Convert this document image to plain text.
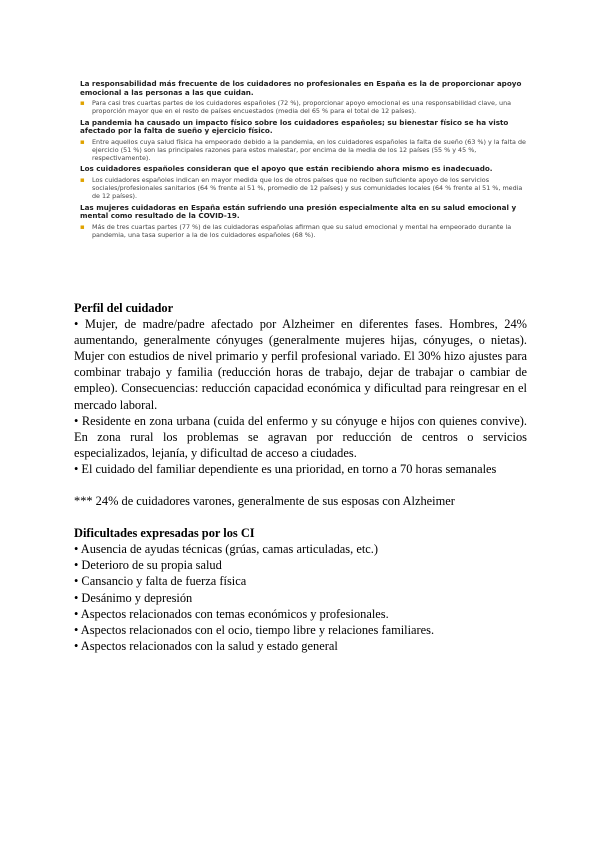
La responsabilidad más frecuente de los cuidadores no profesionales en España es la de proporcionar apoyo emocional a las personas a las que cuidan.
▪ Para casi tres cuartas partes de los cuidadores españoles (72 %), proporcionar apoyo emocional es una responsabilidad clave, una proporción mayor que en el resto de países encuestados (media del 65 % para el total de 12 países).
La pandemia ha causado un impacto físico sobre los cuidadores españoles; su bienestar físico se ha visto afectado por la falta de sueño y ejercicio físico.
▪ Entre aquellos cuya salud física ha empeorado debido a la pandemia, en los cuidadores españoles la falta de sueño (63 %) y la falta de ejercicio (51 %) son las principales razones para estos malestar, por encima de la media de los 12 países (55 % y 45 %, respectivamente).
Los cuidadores españoles consideran que el apoyo que están recibiendo ahora mismo es inadecuado.
▪ Los cuidadores españoles indican en mayor medida que los de otros países que no reciben suficiente apoyo de los servicios sociales/profesionales sanitarios (64 % frente al 51 %, promedio de 12 países) y sus comunidades locales (64 % frente al 51 %, media de 12 países).
Las mujeres cuidadoras en España están sufriendo una presión especialmente alta en su salud emocional y mental como resultado de la COVID-19.
▪ Más de tres cuartas partes (77 %) de las cuidadoras españolas afirman que su salud emocional y mental ha empeorado durante la pandemia, una tasa superior a la de los cuidadores españoles (68 %).

Perfil del cuidador

• Mujer, de madre/padre afectado por Alzheimer en diferentes fases. Hombres, 24% aumentando, generalmente cónyuges (generalmente mujeres hijas, cónyuges, o nietas). Mujer con estudios de nivel primario y perfil profesional variado. El 30% hizo ajustes para combinar trabajo y familia (reducción horas de trabajo, dejar de trabajar o cambiar de empleo). Consecuencias: reducción capacidad económica y dificultad para reingresar en el mercado laboral.

• Residente en zona urbana (cuida del enfermo y su cónyuge e hijos con quienes convive). En zona rural los problemas se agravan por reducción de centros o servicios especializados, lejanía, y dificultad de acceso a ciudades.

• El cuidado del familiar dependiente es una prioridad, en torno a 70 horas semanales

*** 24% de cuidadores varones, generalmente de sus esposas con Alzheimer

Dificultades expresadas por los CI

• Ausencia de ayudas técnicas (grúas, camas articuladas, etc.)

• Deterioro de su propia salud

• Cansancio y falta de fuerza física

• Desánimo y depresión

• Aspectos relacionados con temas económicos y profesionales.

• Aspectos relacionados con el ocio, tiempo libre y relaciones familiares.

• Aspectos relacionados con la salud y estado general
